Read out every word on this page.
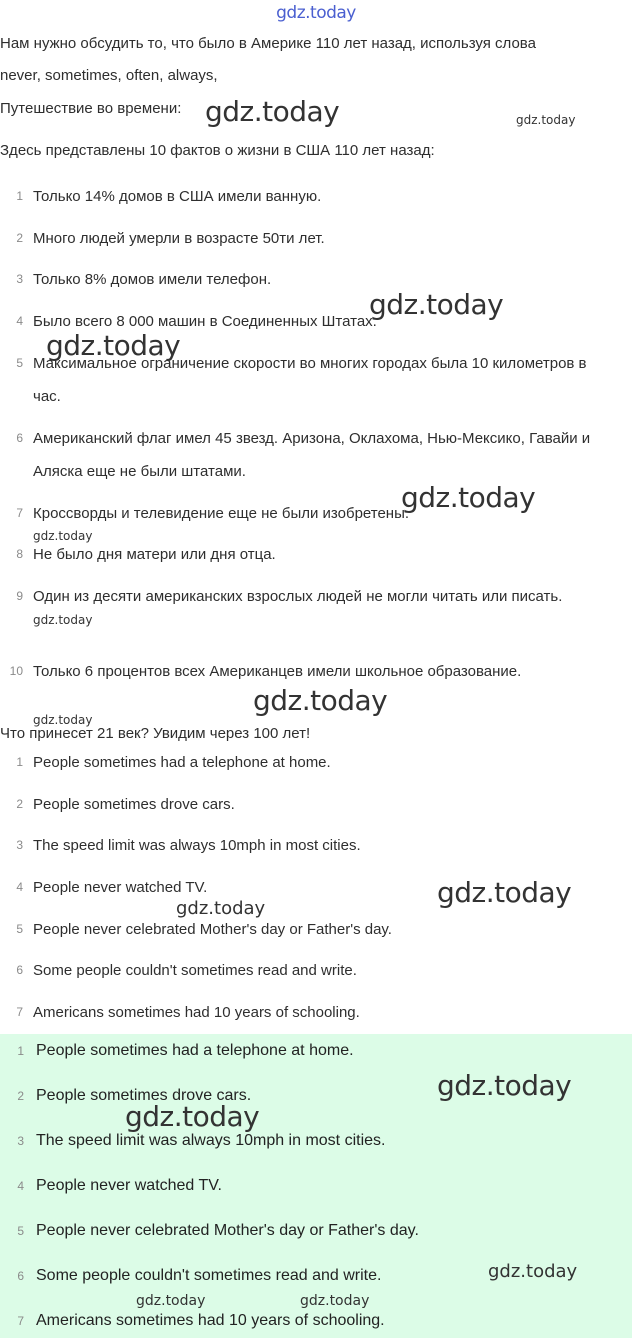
gdz.today
Нам нужно обсудить то, что было в Америке 110 лет назад, используя слова
never, sometimes, often, always,
Путешествие во времени:
Здесь представлены 10 фактов о жизни в США 110 лет назад:
1 Только 14% домов в США имели ванную.
2 Много людей умерли в возрасте 50ти лет.
3 Только 8% домов имели телефон.
4 Было всего 8 000 машин в Соединенных Штатах.
5 Максимальное ограничение скорости во многих городах была 10 километров в час.
6 Американский флаг имел 45 звезд. Аризона, Оклахома, Нью-Мексико, Гавайи и Аляска еще не были штатами.
7 Кроссворды и телевидение еще не были изобретены.
8 Не было дня матери или дня отца.
9 Один из десяти американских взрослых людей не могли читать или писать.
10 Только 6 процентов всех Американцев имели школьное образование.
Что принесет 21 век? Увидим через 100 лет!
1 People sometimes had a telephone at home.
2 People sometimes drove cars.
3 The speed limit was always 10mph in most cities.
4 People never watched TV.
5 People never celebrated Mother's day or Father's day.
6 Some people couldn't sometimes read and write.
7 Americans sometimes had 10 years of schooling.
1 People sometimes had a telephone at home.
2 People sometimes drove cars.
3 The speed limit was always 10mph in most cities.
4 People never watched TV.
5 People never celebrated Mother's day or Father's day.
6 Some people couldn't sometimes read and write.
7 Americans sometimes had 10 years of schooling.
gdz.today	gdz.today
gdz.today
gdz.today
gdz.today
gdz.today
gdz.today
gdz.today
gdz.today
gdz.today
gdz.today
gdz.today
gdz.today
gdz.today
gdz.today	gdz.today
